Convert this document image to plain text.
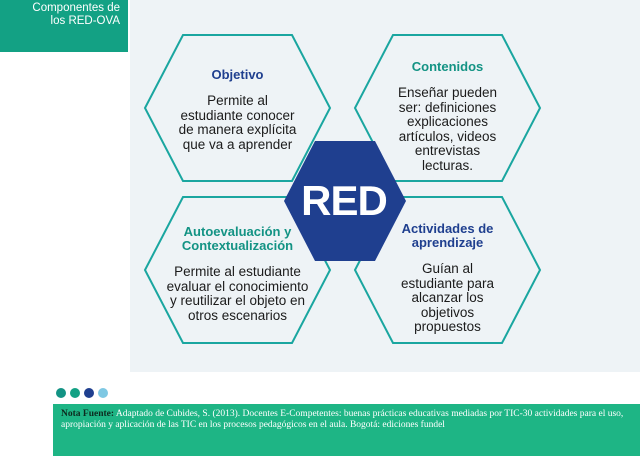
Componentes de
los RED-OVA
RED
Objetivo
Permite al
estudiante conocer
de manera explícita
que va a aprender
Contenidos
Enseñar pueden
ser: definiciones
explicaciones
artículos, videos
entrevistas
lecturas.
Autoevaluación y
Contextualización
Permite al estudiante
evaluar el conocimiento
y reutilizar el objeto en
otros escenarios
Actividades de
aprendizaje
Guían al
estudiante para
alcanzar los
objetivos
propuestos
Nota Fuente: Adaptado de Cubides, S. (2013). Docentes E-Competentes: buenas prácticas educativas mediadas por TIC-30 actividades para el uso, apropiación y aplicación de las TIC en los procesos pedagógicos en el aula. Bogotá: ediciones fundel
